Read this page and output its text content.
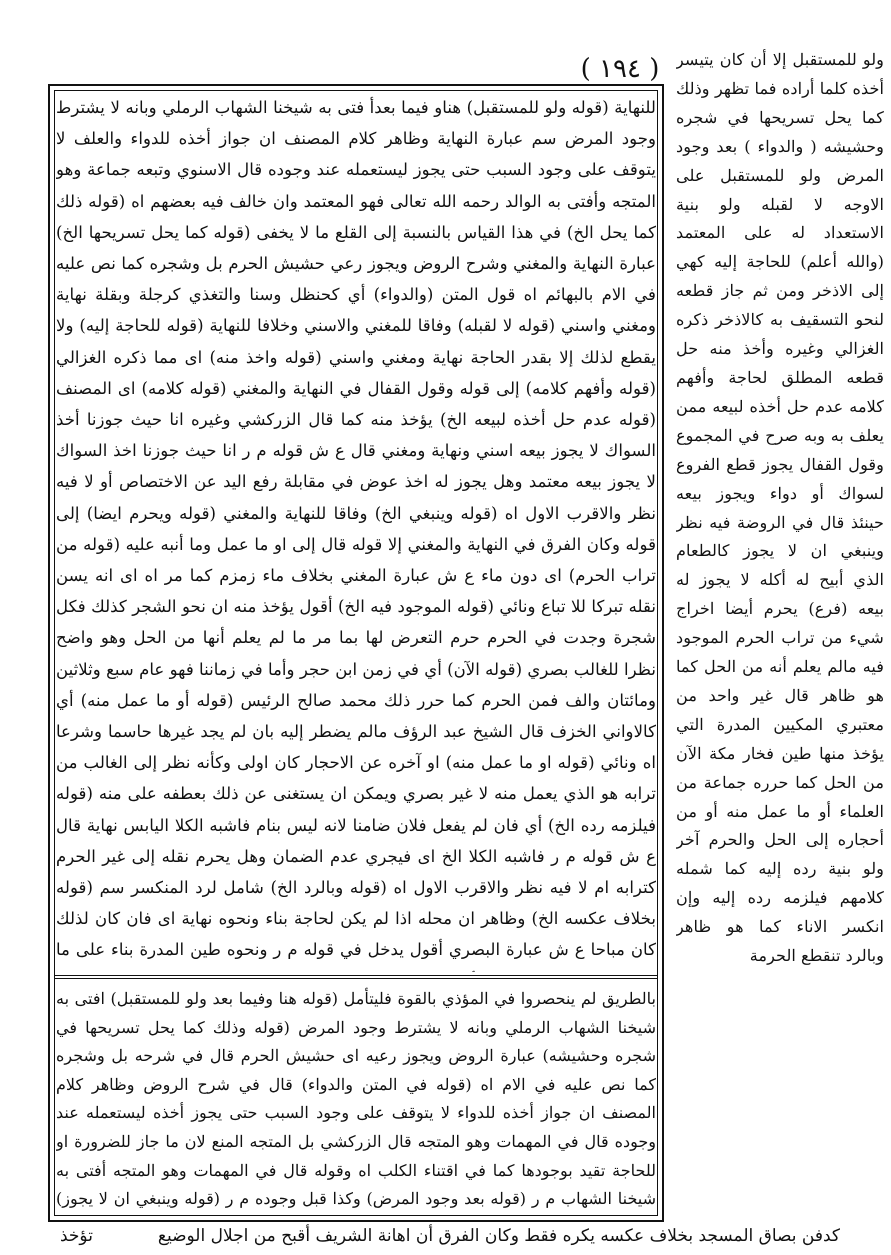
( ١٩٤ )
للنهاية (قوله ولو للمستقبل) هناو فيما بعدأ فتى به شيخنا الشهاب الرملي وبانه لا يشترط وجود المرض سم عبارة النهاية وظاهر كلام المصنف ان جواز أخذه للدواء والعلف لا يتوقف على وجود السبب حتى يجوز ليستعمله عند وجوده قال الاسنوي وتبعه جماعة وهو المتجه وأفتى به الوالد رحمه الله تعالى فهو المعتمد وان خالف فيه بعضهم اه (قوله ذلك كما يحل الخ) في هذا القياس بالنسبة إلى القلع ما لا يخفى (قوله كما يحل تسريحها الخ) عبارة النهاية والمغني وشرح الروض ويجوز رعي حشيش الحرم بل وشجره كما نص عليه في الام بالبهائم اه قول المتن (والدواء) أي كحنظل وسنا والتغذي كرجلة وبقلة نهاية ومغني واسني (قوله لا لقبله) وفاقا للمغني والاسني وخلافا للنهاية (قوله للحاجة إليه) ولا يقطع لذلك إلا بقدر الحاجة نهاية ومغني واسني (قوله واخذ منه) اى مما ذكره الغزالي (قوله وأفهم كلامه) إلى قوله وقول القفال في النهاية والمغني (قوله كلامه) اى المصنف (قوله عدم حل أخذه لبيعه الخ) يؤخذ منه كما قال الزركشي وغيره انا حيث جوزنا أخذ السواك لا يجوز بيعه اسني ونهاية ومغني قال ع ش قوله م ر انا حيث جوزنا اخذ السواك لا يجوز بيعه معتمد وهل يجوز له اخذ عوض في مقابلة رفع اليد عن الاختصاص أو لا فيه نظر والاقرب الاول اه (قوله وينبغي الخ) وفاقا للنهاية والمغني (قوله ويحرم ايضا) إلى قوله وكان الفرق في النهاية والمغني إلا قوله قال إلى او ما عمل وما أنبه عليه (قوله من تراب الحرم) اى دون ماء ع ش عبارة المغني بخلاف ماء زمزم كما مر اه اى انه يسن نقله تبركا للا تباع ونائي (قوله الموجود فيه الخ) أقول يؤخذ منه ان نحو الشجر كذلك فكل شجرة وجدت في الحرم حرم التعرض لها بما مر ما لم يعلم أنها من الحل وهو واضح نظرا للغالب بصري (قوله الآن) أي في زمن ابن حجر وأما في زماننا فهو عام سبع وثلاثين ومائتان والف فمن الحرم كما حرر ذلك محمد صالح الرئيس (قوله أو ما عمل منه) أي كالاواني الخزف قال الشيخ عبد الرؤف مالم يضطر إليه بان لم يجد غيرها حاسما وشرعا اه ونائي (قوله او ما عمل منه) او آخره عن الاحجار كان اولى وكأنه نظر إلى الغالب من ترابه هو الذي يعمل منه لا غير بصري ويمكن ان يستغنى عن ذلك بعطفه على منه (قوله فيلزمه رده الخ) أي فان لم يفعل فلان ضامنا لانه ليس بنام فاشبه الكلا اليابس نهاية قال ع ش قوله م ر فاشبه الكلا الخ اى فيجري عدم الضمان وهل يحرم نقله إلى غير الحرم كترابه ام لا فيه نظر والاقرب الاول اه (قوله وبالرد الخ) شامل لرد المنكسر سم (قوله بخلاف عكسه الخ) وظاهر ان محله اذا لم يكن لحاجة بناء ونحوه نهاية اى فان كان لذلك كان مباحا ع ش عبارة البصري أقول يدخل في قوله م ر ونحوه طين المدرة بناء على ما
بالطريق لم ينحصروا في المؤذي بالقوة فليتأمل (قوله هنا وفيما بعد ولو للمستقبل) افتى به شيخنا الشهاب الرملي وبانه لا يشترط وجود المرض (قوله وذلك كما يحل تسريحها في شجره وحشيشه) عبارة الروض ويجوز رعيه اى حشيش الحرم قال في شرحه بل وشجره كما نص عليه في الام اه (قوله في المتن والدواء) قال في شرح الروض وظاهر كلام المصنف ان جواز أخذه للدواء لا يتوقف على وجود السبب حتى يجوز أخذه ليستعمله عند وجوده قال في المهمات وهو المتجه قال الزركشي بل المتجه المنع لان ما جاز للضرورة او للحاجة تقيد بوجودها كما في اقتناء الكلب اه وقوله قال في المهمات وهو المتجه أفتى به شيخنا الشهاب م ر (قوله بعد وجود المرض) وكذا قبل وجوده م ر (قوله وينبغي ان لا يجوز)
ولو للمستقبل إلا أن كان يتيسر أخذه كلما أراده فما تظهر وذلك كما يحل تسريحها في شجره وحشيشه ( والدواء ) بعد وجود المرض ولو للمستقبل على الاوجه لا لقبله ولو بنية الاستعداد له على المعتمد (والله أعلم) للحاجة إليه كهي إلى الاذخر ومن ثم جاز قطعه لنحو التسقيف به كالاذخر ذكره الغزالي وغيره وأخذ منه حل قطعه المطلق لحاجة وأفهم كلامه عدم حل أخذه لبيعه ممن يعلف به وبه صرح في المجموع وقول القفال يجوز قطع الفروع لسواك أو دواء ويجوز بيعه حينئذ قال في الروضة فيه نظر وينبغي ان لا يجوز كالطعام الذي أبيح له أكله لا يجوز له بيعه (فرع) يحرم أيضا اخراج شيء من تراب الحرم الموجود فيه مالم يعلم أنه من الحل كما هو ظاهر قال غير واحد من معتبري المكيين المدرة التي يؤخذ منها طين فخار مكة الآن من الحل كما حرره جماعة من العلماء أو ما عمل منه أو من أحجاره إلى الحل والحرم آخر ولو بنية رده إليه كما شمله كلامهم فيلزمه رده إليه وإن انكسر الاناء كما هو ظاهر وبالرد تنقطع الحرمة
كدفن بصاق المسجد بخلاف عكسه يكره فقط وكان الفرق أن اهانة الشريف أقبح من اجلال الوضيع
تؤخذ
